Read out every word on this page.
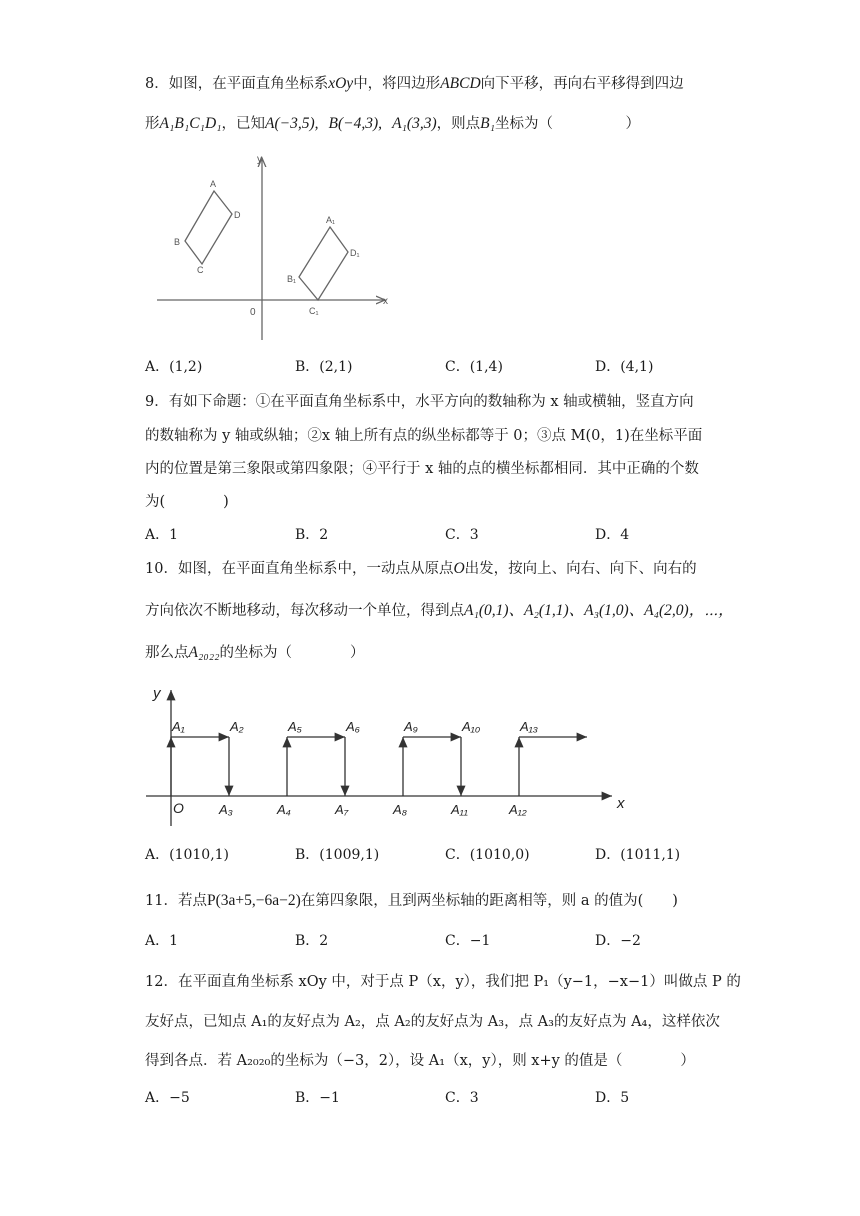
8．如图，在平面直角坐标系xOy中，将四边形ABCD向下平移，再向右平移得到四边
形A₁B₁C₁D₁，已知A(−3,5), B(−4,3), A₁(3,3)，则点B₁坐标为（　　　　　）
y
x
0
A
B
C
D	A₁
B₁
C₁
D₁
A．(1,2)	B．(2,1)	C．(1,4)	D．(4,1)
9．有如下命题：①在平面直角坐标系中，水平方向的数轴称为 x 轴或横轴，竖直方向
的数轴称为 y 轴或纵轴；②x 轴上所有点的纵坐标都等于 0；③点 M(0，1)在坐标平面
内的位置是第三象限或第四象限；④平行于 x 轴的点的横坐标都相同．其中正确的个数
为(　　　　)
A．1	B．2	C．3	D．4
10．如图，在平面直角坐标系中，一动点从原点O出发，按向上、向右、向下、向右的
方向依次不断地移动，每次移动一个单位，得到点A₁(0,1)、A₂(1,1)、A₃(1,0)、A₄(2,0)，⋯，
那么点A₂₀₂₂的坐标为（　　　　）
A₁	A₂	A₅	A₆	A₉	A₁₀	A₁₃
A₃	A₄	A₇	A₈	A₁₁	A₁₂
y
x
O
A．(1010,1)	B．(1009,1)	C．(1010,0)	D．(1011,1)
11．若点P(3a+5,−6a−2)在第四象限，且到两坐标轴的距离相等，则 a 的值为(　　)
A．1	B．2	C．−1	D．−2
12．在平面直角坐标系 xOy 中，对于点 P（x，y），我们把 P₁（y−1，−x−1）叫做点 P 的
友好点，已知点 A₁的友好点为 A₂，点 A₂的友好点为 A₃，点 A₃的友好点为 A₄，这样依次
得到各点．若 A₂₀₂₀的坐标为（−3，2），设 A₁（x，y），则 x+y 的值是（　　　　）
A．−5	B．−1	C．3	D．5
